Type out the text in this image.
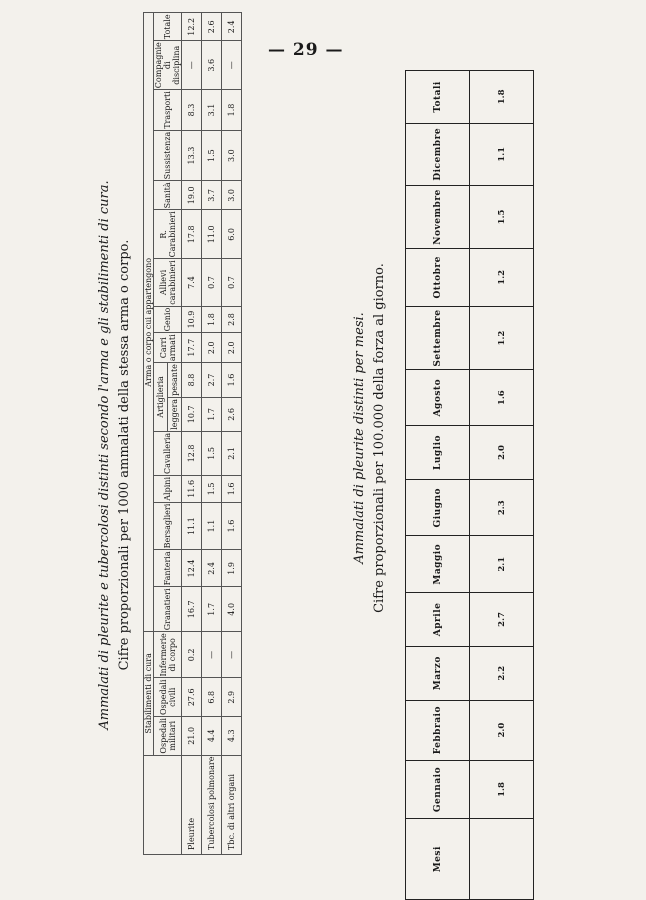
— 29 —
Ammalati di pleurite e tubercolosi distinti secondo l'arma e gli stabilimenti di cura. Cifre proporzionali per 1000 ammalati della stessa arma o corpo.
	Stabilimenti di cura			Arma o corpo cui appartengono															
	Ospedali militari	Ospedali civili	Infermerie di corpo	Granatieri	Fanteria	Bersaglieri	Alpini	Cavalleria	Artiglieria		Carri armati	Genio	Allievi carabinieri	R. Carabinieri	Sanità	Sussistenza	Trasporti	Compagnie di disciplina	Totale
									leggera	pesante									
Pleurite	21.0	27.6	0.2	16.7	12.4	11.1	11.6	12.8	10.7	8.8	17.7	10.9	7.4	17.8	19.0	13.3	8.3	—	12.2
Tubercolosi polmonare	4.4	6.8	—	1.7	2.4	1.1	1.5	1.5	1.7	2.7	2.0	1.8	0.7	11.0	3.7	1.5	3.1	3.6	2.6
Tbc. di altri organi	4.3	2.9	—	4.0	1.9	1.6	1.6	2.1	2.6	1.6	2.0	2.8	0.7	6.0	3.0	3.0	1.8	—	2.4
Ammalati di pleurite distinti per mesi. Cifre proporzionali per 100.000 della forza al giorno.
Mesi	Gennaio	Febbraio	Marzo	Aprile	Maggio	Giugno	Luglio	Agosto	Settembre	Ottobre	Novembre	Dicembre	Totali
	1.8	2.0	2.2	2.7	2.1	2.3	2.0	1.6	1.2	1.2	1.5	1.1	1.8
